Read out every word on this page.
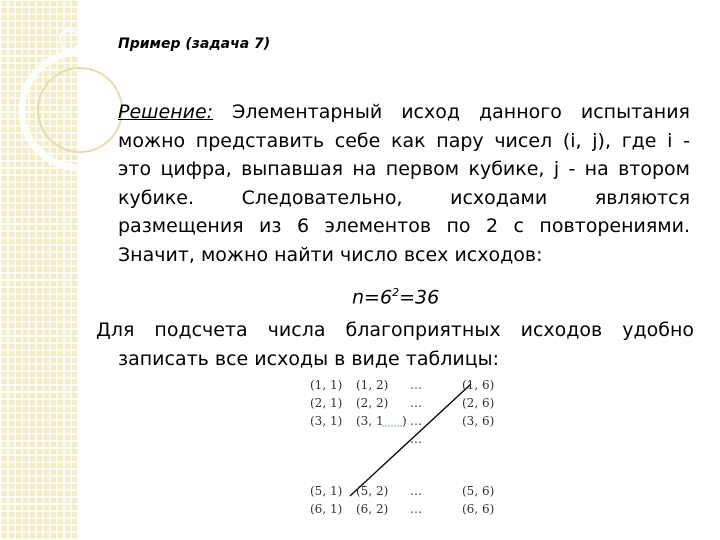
Пример (задача 7)
Решение: Элементарный исход данного испытания
можно представить себе как пару чисел (i, j), где i -
это цифра, выпавшая на первом кубике, j - на втором
кубике. Следовательно, исходами являются
размещения из 6 элементов по 2 с повторениями.
Значит, можно найти число всех исходов:
$n=6^2=36$
Для подсчета числа благоприятных исходов удобно
записать все исходы в виде таблицы:
(1, 1) (1, 2) …	(1, 6)
(2, 1) (2, 2) …	(2, 6)
(3, 1) (3, 1 ) …	(3, 6)
…
(5, 1) (5, 2) …	(5, 6)
(6, 1) (6, 2) …	(6, 6)
